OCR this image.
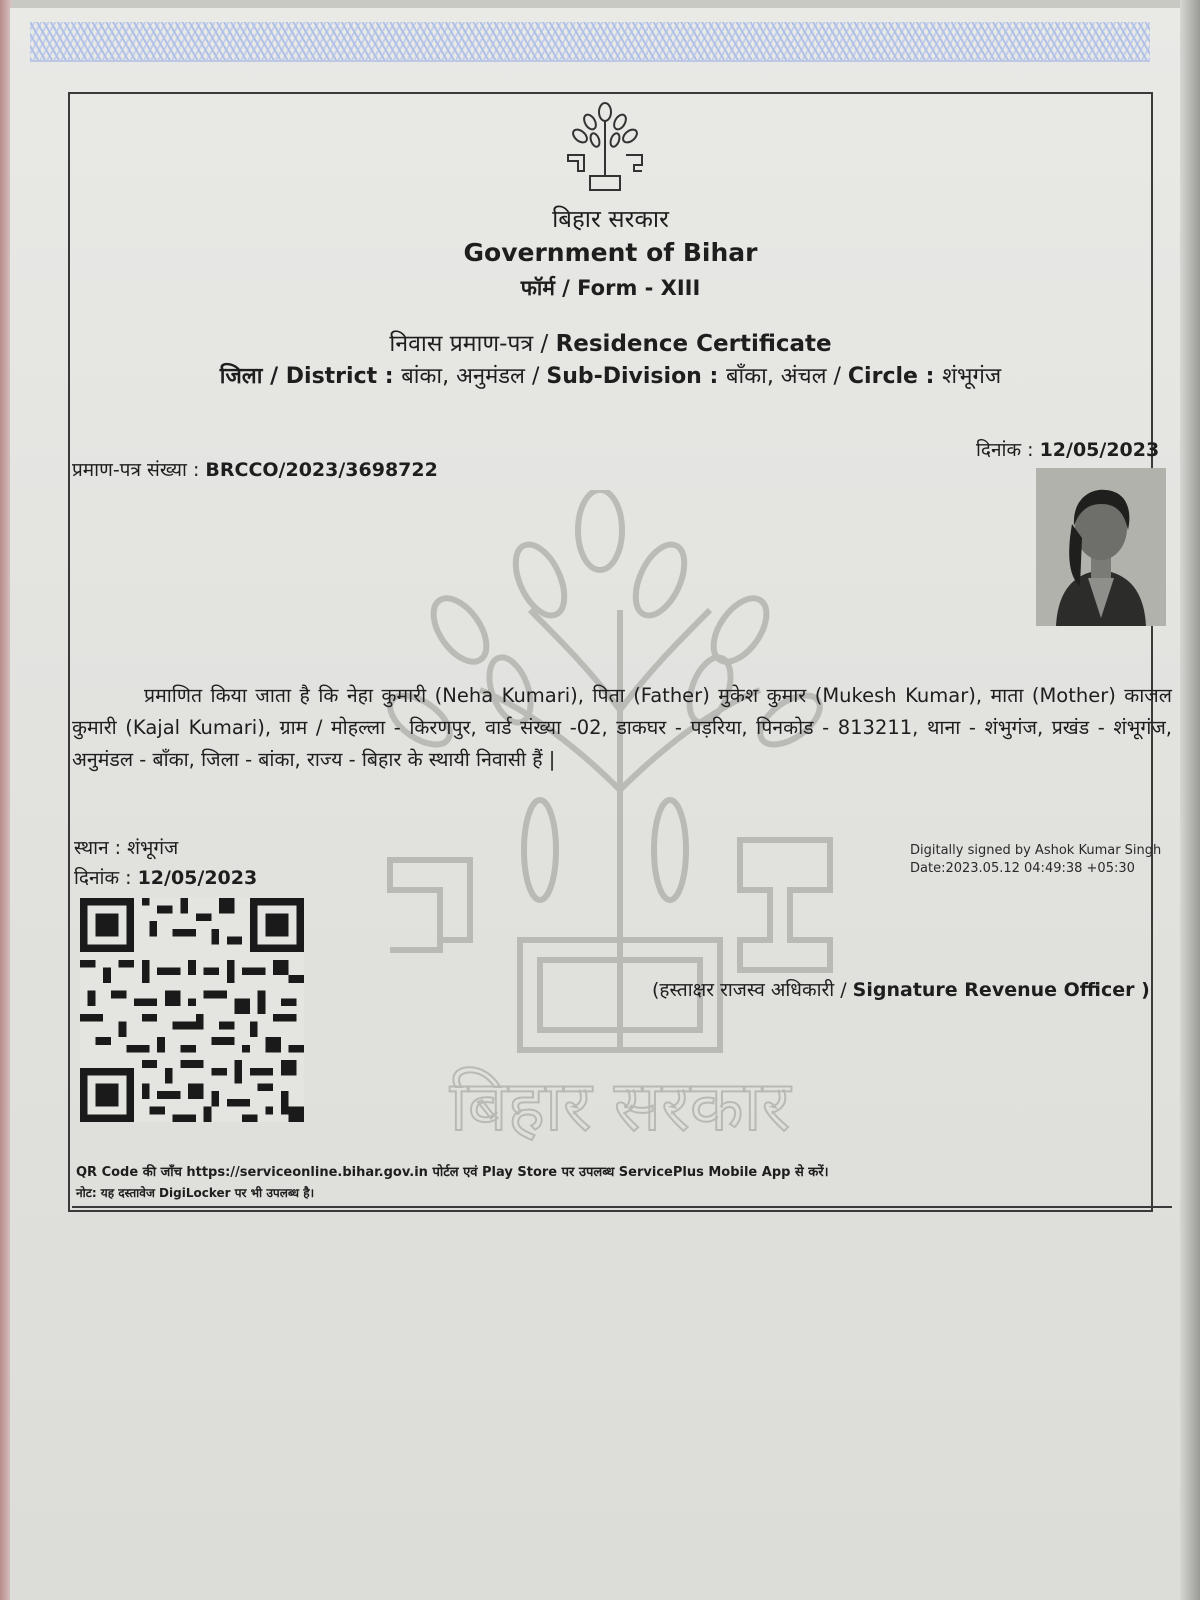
बिहार सरकार
बिहार सरकार
Government of Bihar
फॉर्म / Form - XIII
निवास प्रमाण-पत्र / Residence Certificate
जिला / District : बांका, अनुमंडल / Sub-Division : बाँका, अंचल / Circle : शंभूगंज
प्रमाण-पत्र संख्या : BRCCO/2023/3698722
दिनांक : 12/05/2023
प्रमाणित किया जाता है कि नेहा कुमारी (Neha Kumari), पिता (Father) मुकेश कुमार (Mukesh Kumar), माता (Mother) काजल कुमारी (Kajal Kumari), ग्राम / मोहल्ला - किरणपुर, वार्ड संख्या -02, डाकघर - पड़रिया, पिनकोड - 813211, थाना - शंभुगंज, प्रखंड - शंभूगंज, अनुमंडल - बाँका, जिला - बांका, राज्य - बिहार के स्थायी निवासी हैं |
स्थान : शंभूगंज
दिनांक : 12/05/2023
Digitally signed by Ashok Kumar Singh
Date:2023.05.12 04:49:38 +05:30
(हस्ताक्षर राजस्व अधिकारी / Signature Revenue Officer )
QR Code की जाँच https://serviceonline.bihar.gov.in पोर्टल एवं Play Store पर उपलब्ध ServicePlus Mobile App से करें।
नोट: यह दस्तावेज DigiLocker पर भी उपलब्ध है।
